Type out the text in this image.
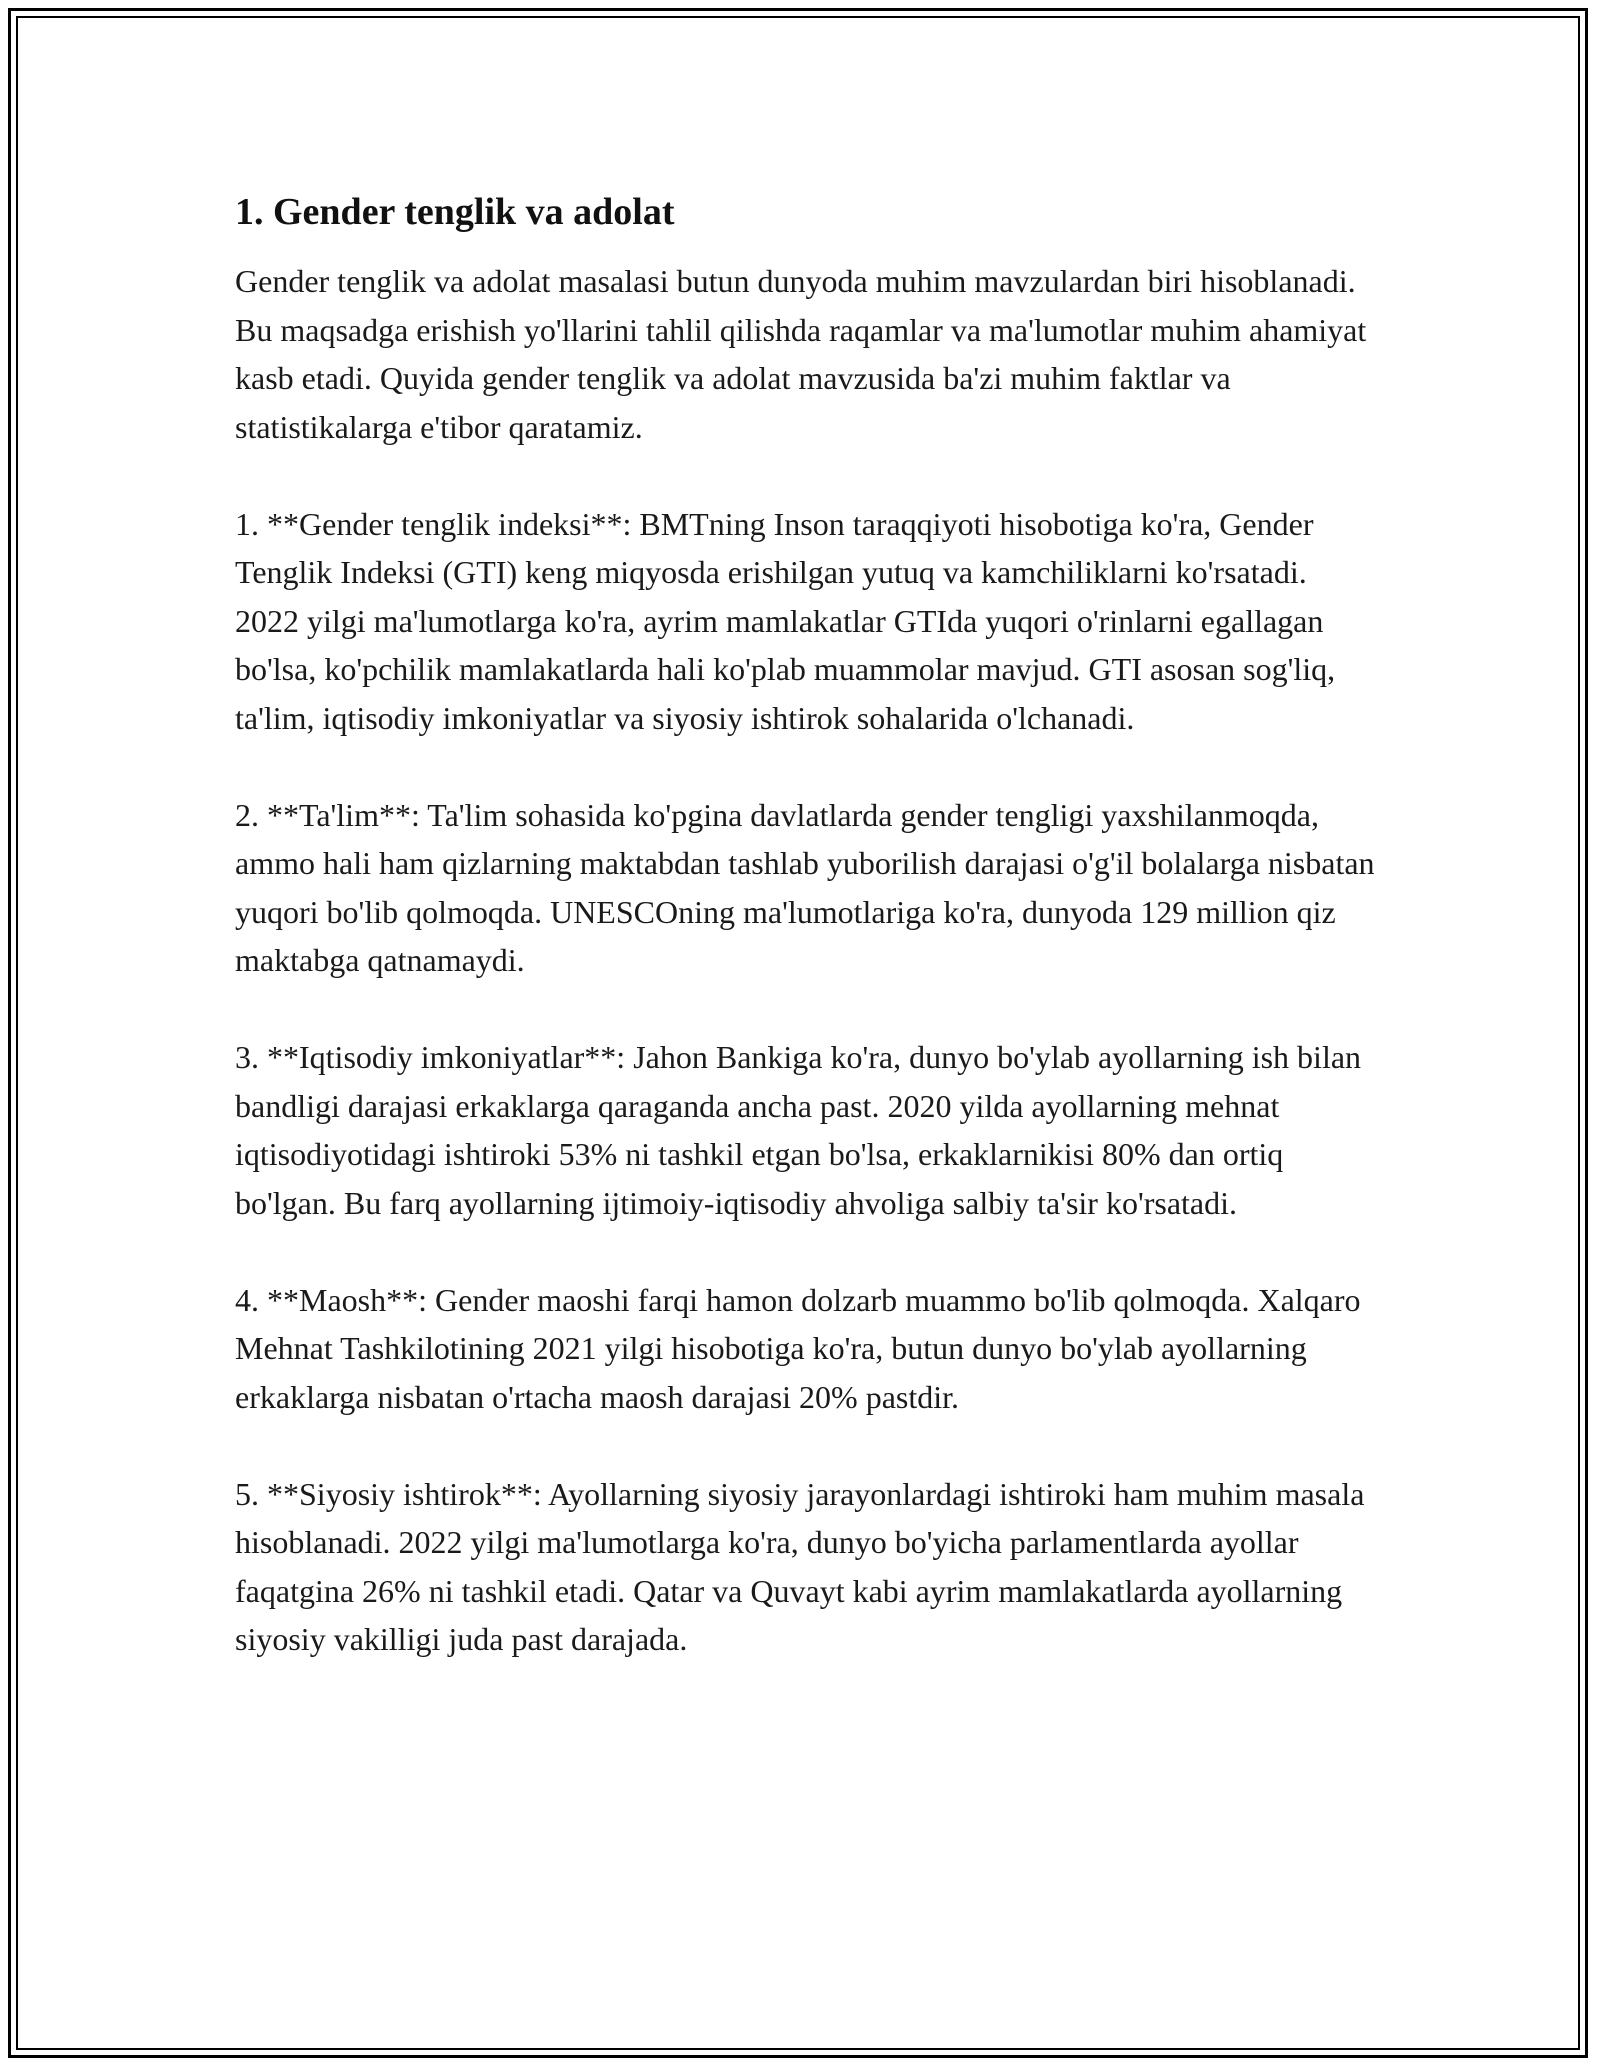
1. Gender tenglik va adolat

Gender tenglik va adolat masalasi butun dunyoda muhim mavzulardan biri hisoblanadi. Bu maqsadga erishish yo'llarini tahlil qilishda raqamlar va ma'lumotlar muhim ahamiyat kasb etadi. Quyida gender tenglik va adolat mavzusida ba'zi muhim faktlar va statistikalarga e'tibor qaratamiz.

1. **Gender tenglik indeksi**: BMTning Inson taraqqiyoti hisobotiga ko'ra, Gender Tenglik Indeksi (GTI) keng miqyosda erishilgan yutuq va kamchiliklarni ko'rsatadi. 2022 yilgi ma'lumotlarga ko'ra, ayrim mamlakatlar GTIda yuqori o'rinlarni egallagan bo'lsa, ko'pchilik mamlakatlarda hali ko'plab muammolar mavjud. GTI asosan sog'liq, ta'lim, iqtisodiy imkoniyatlar va siyosiy ishtirok sohalarida o'lchanadi.

2. **Ta'lim**: Ta'lim sohasida ko'pgina davlatlarda gender tengligi yaxshilanmoqda, ammo hali ham qizlarning maktabdan tashlab yuborilish darajasi o'g'il bolalarga nisbatan yuqori bo'lib qolmoqda. UNESCOning ma'lumotlariga ko'ra, dunyoda 129 million qiz maktabga qatnamaydi.

3. **Iqtisodiy imkoniyatlar**: Jahon Bankiga ko'ra, dunyo bo'ylab ayollarning ish bilan bandligi darajasi erkaklarga qaraganda ancha past. 2020 yilda ayollarning mehnat iqtisodiyotidagi ishtiroki 53% ni tashkil etgan bo'lsa, erkaklarnikisi 80% dan ortiq bo'lgan. Bu farq ayollarning ijtimoiy-iqtisodiy ahvoliga salbiy ta'sir ko'rsatadi.

4. **Maosh**: Gender maoshi farqi hamon dolzarb muammo bo'lib qolmoqda. Xalqaro Mehnat Tashkilotining 2021 yilgi hisobotiga ko'ra, butun dunyo bo'ylab ayollarning erkaklarga nisbatan o'rtacha maosh darajasi 20% pastdir.

5. **Siyosiy ishtirok**: Ayollarning siyosiy jarayonlardagi ishtiroki ham muhim masala hisoblanadi. 2022 yilgi ma'lumotlarga ko'ra, dunyo bo'yicha parlamentlarda ayollar faqatgina 26% ni tashkil etadi. Qatar va Quvayt kabi ayrim mamlakatlarda ayollarning siyosiy vakilligi juda past darajada.
